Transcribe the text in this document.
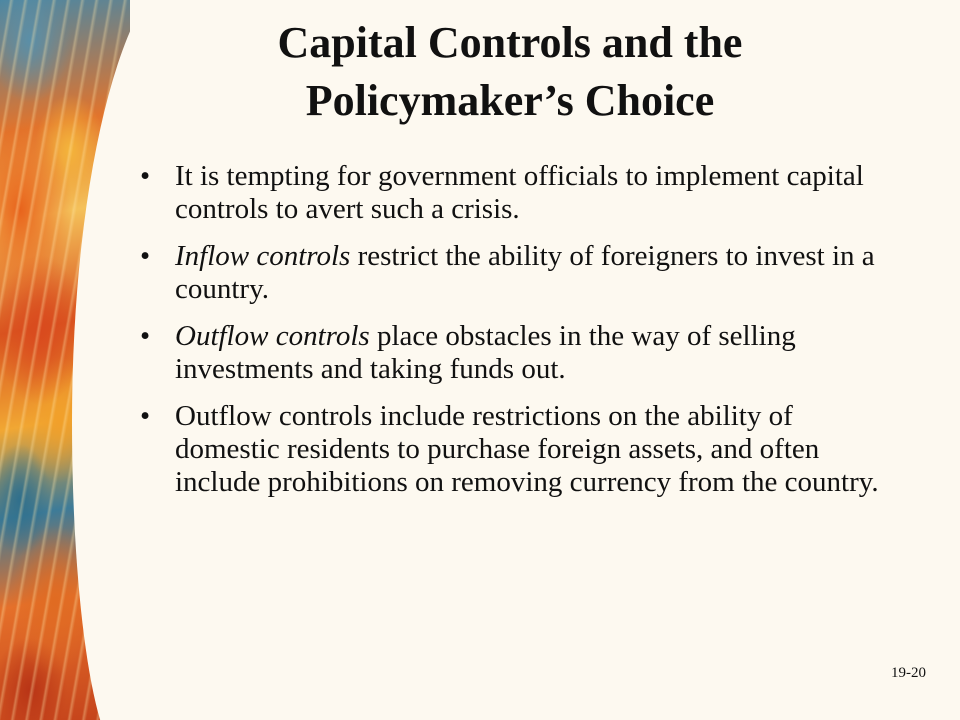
Capital Controls and the
Policymaker’s Choice
• It is tempting for government officials to implement capital controls to avert such a crisis.
• Inflow controls restrict the ability of foreigners to invest in a country.
• Outflow controls place obstacles in the way of selling investments and taking funds out.
• Outflow controls include restrictions on the ability of domestic residents to purchase foreign assets, and often include prohibitions on removing currency from the country.
19-20
